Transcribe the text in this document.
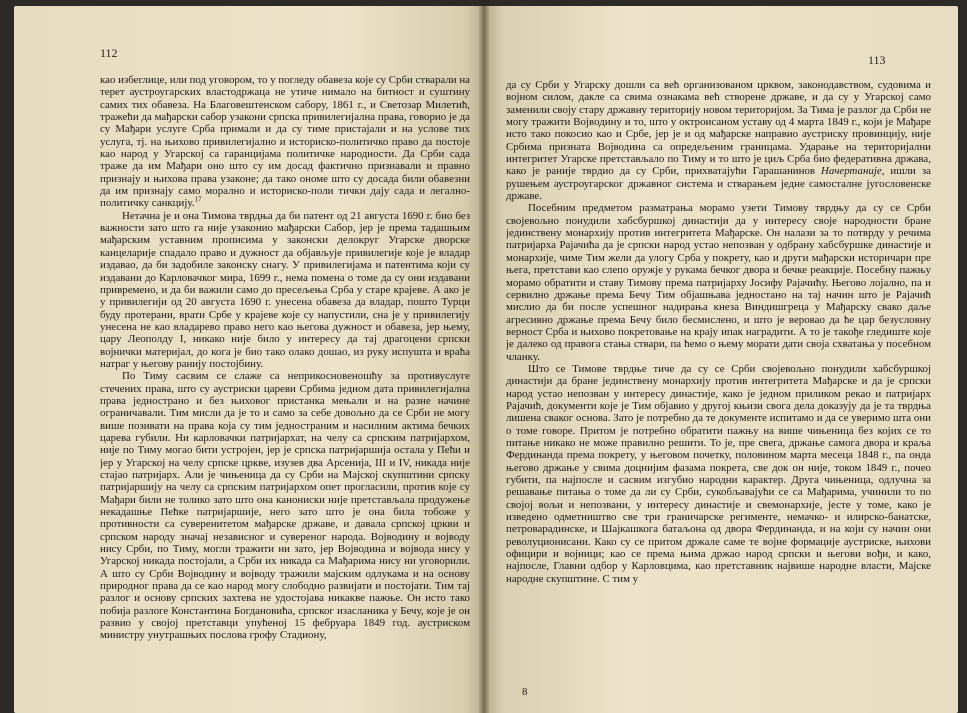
112

као избеглице, или под уговором, то у погледу обавеза које су Срби стварали на терет аустроугарских властодржаца не утиче нимало на битност и суштину самих тих обавеза. На Благовештенском сабору, 1861 г., и Светозар Милетић, тражећи да мађарски сабор узакони српска привилегијална права, говорио је да су Мађари услуге Срба примали и да су тиме пристајали и на услове тих услуга, тј. на њихово привилегијално и историско-политичко право да постоје као народ у Угарској са гаранцијама политичке народности. Да Срби сада траже да им Мађари оно што су им досад фактично признавали и правно признају и њихова права узаконе; да тако ономе што су досада били обавезни да им признају само морално и историско-поли тички дају сада и легално-политичку санкцију.$^{17}$

Нетачна је и она Тимова тврдња да би патент од 21 августа 1690 г. био без важности зато што га није узаконио мађарски Сабор, јер је према тадашњим мађарским уставним прописима у законски делокруг Угарске дворске канцеларије спадало право и дужност да објављује привилегије које је владар издавао, да би задобиле законску снагу. У привилегијама и патентима који су издавани до Карловачког мира, 1699 г., нема помена о томе да су они издавани привремено, и да би важили само до пресељења Срба у старе крајеве. А ако је у привилегији од 20 августа 1690 г. унесена обавеза да владар, пошто Турци буду протерани, врати Србе у крајеве које су напустили, сна је у привилегију унесена не као владарево право него као његова дужност и обавеза, јер њему, цару Леополду I, никако није било у интересу да тај драгоцени српски војнички материјал, до кога је био тако олако дошао, из руку испушта и враћа натраг у његову ранију постојбину.

По Тиму сасвим се слаже са неприкосновеношћу за противуслуге стечених права, што су аустриски цареви Србима једном дата привилегијална права једнострано и без њиховог пристанка мењали и на разне начине ограничавали. Тим мисли да је то и само за себе довољно да се Срби не могу више позивати на права која су тим једностраним и насилним актима бечких царева губили. Ни карловачки патријархат, на челу са српским патријархом, није по Тиму могао бити устројен, јер је српска патријаршија остала у Пећи и јер у Угарској на челу српске цркве, изузев два Арсенија, III и IV, никада није стајао патријарх. Али је чињеница да су Срби на Мајској скупштини српску патријаршију на челу са српским патријархом опет прогласили, против које су Мађари били не толико зато што она канониски није претстављала продужење некадашње Пећке патријаршије, него зато што је она била тобоже у противности са суверенитетом мађарске државе, и давала српској цркви и српском народу значај независног и сувереног народа. Војводину и војводу нису Срби, по Тиму, могли тражити ни зато, јер Војводина и војвода нису у Угарској никада постојали, а Срби их никада са Мађарима нису ни уговорили. А што су Срби Војводину и војводу тражили мајским одлукама и на основу природног права да се као народ могу слободно развијати и постојати. Тим тај разлог и основу српских захтева не удостојава никакве пажње. Он исто тако побија разлоге Константина Богдановића, српског изасланика у Бечу, које је он развио у својој претставци упућеној 15 фебруара 1849 год. аустриском министру унутрашњих послова грофу Стадиону,

113

да су Срби у Угарску дошли са већ организованом црквом, законодавством, судовима и војном силом, дакле са свима ознакама већ створене државе, и да су у Угарској само заменили своју стару државну територију новом територијом. За Тима је разлог да Срби не могу тражити Војводину и то, што у октроисаном уставу од 4 марта 1849 г., који је Мађаре исто тако покосио као и Србе, јер је и од мађарске направио аустриску провинцију, није Србима призната Војводина са опредељеним границама. Ударање на територијални интегритет Угарске претстављало по Тиму и то што је циљ Срба био федеративна држава, како је раније тврдио да су Срби, прихватајући Гарашанинов Начертаније, ишли за рушењем аустроугарског државног система и стварањем једне самосталне југословенске државе.

Посебним предметом разматрања морамо узети Тимову тврдњу да су се Срби својевољно понудили хабсбуршкој династији да у интересу своје народности бране јединствену монархију против интегритета Мађарске. Он налази за то потврду у речима патријарха Рајачића да је српски народ устао непозван у одбрану хабсбуршке династије и монархије, чиме Тим жели да улогу Срба у покрету, као и други мађарски историчари пре њега, претстави као слепо оружје у рукама бечког двора и бечке реакције. Посебну пажњу морамо обратити и ставу Тимову према патријарху Јосифу Рајачићу. Његово лојално, па и сервилно држање према Бечу Тим објашњава једностано на тај начин што је Рајачић мислио да би после успешног надирања кнеза Виндишгреца у Мађарску свако даље агресивно држање према Бечу било бесмислено, и што је веровао да ће цар безусловну верност Срба и њихово покретовање на крају ипак наградити. А то је такође гледиште које је далеко од правога стања ствари, па ћемо о њему морати дати своја схватања у посебном чланку.

Што се Тимове тврдње тиче да су се Срби својевољно понудили хабсбуршкој династији да бране јединствену монархију против интегритета Мађарске и да је српски народ устао непозван у интересу династије, како је једном приликом рекао и патријарх Рајачић, документи које је Тим објавио у другој књизи свога дела доказују да је та тврдња лишена сваког основа. Зато је потребно да те документе испитамо и да се уверимо шта они о томе говоре. Притом је потребно обратити пажњу на више чињеница без којих се то питање никако не може правилно решити. То је, пре свега, држање самога двора и краља Фердинанда према покрету, у његовом почетку, половином марта месеца 1848 г., па онда његово држање у свима доцнијим фазама покрета, све док он није, током 1849 г., почео губити, па најпосле и сасвим изгубио народни карактер. Друга чињеница, одлучна за решавање питања о томе да ли су Срби, сукобљавајући се са Мађарима, учинили то по својој вољи и непозвани, у интересу династије и свемонархије, јесте у томе, како је изведено одметништво све три граничарске регименте, немачко- и илирско-банатске, петроварадинске, и Шајкашкога батаљона од двора Фердинанда, и на који су начин они револуционисани. Како су се притом држале саме те војне формације аустриске, њихови официри и војници; као се према њима држао народ српски и његови вођи, и како, најпосле, Главни одбор у Карловцима, као претставник највише народне власти, Мајске народне скупштине. С тим у

8
